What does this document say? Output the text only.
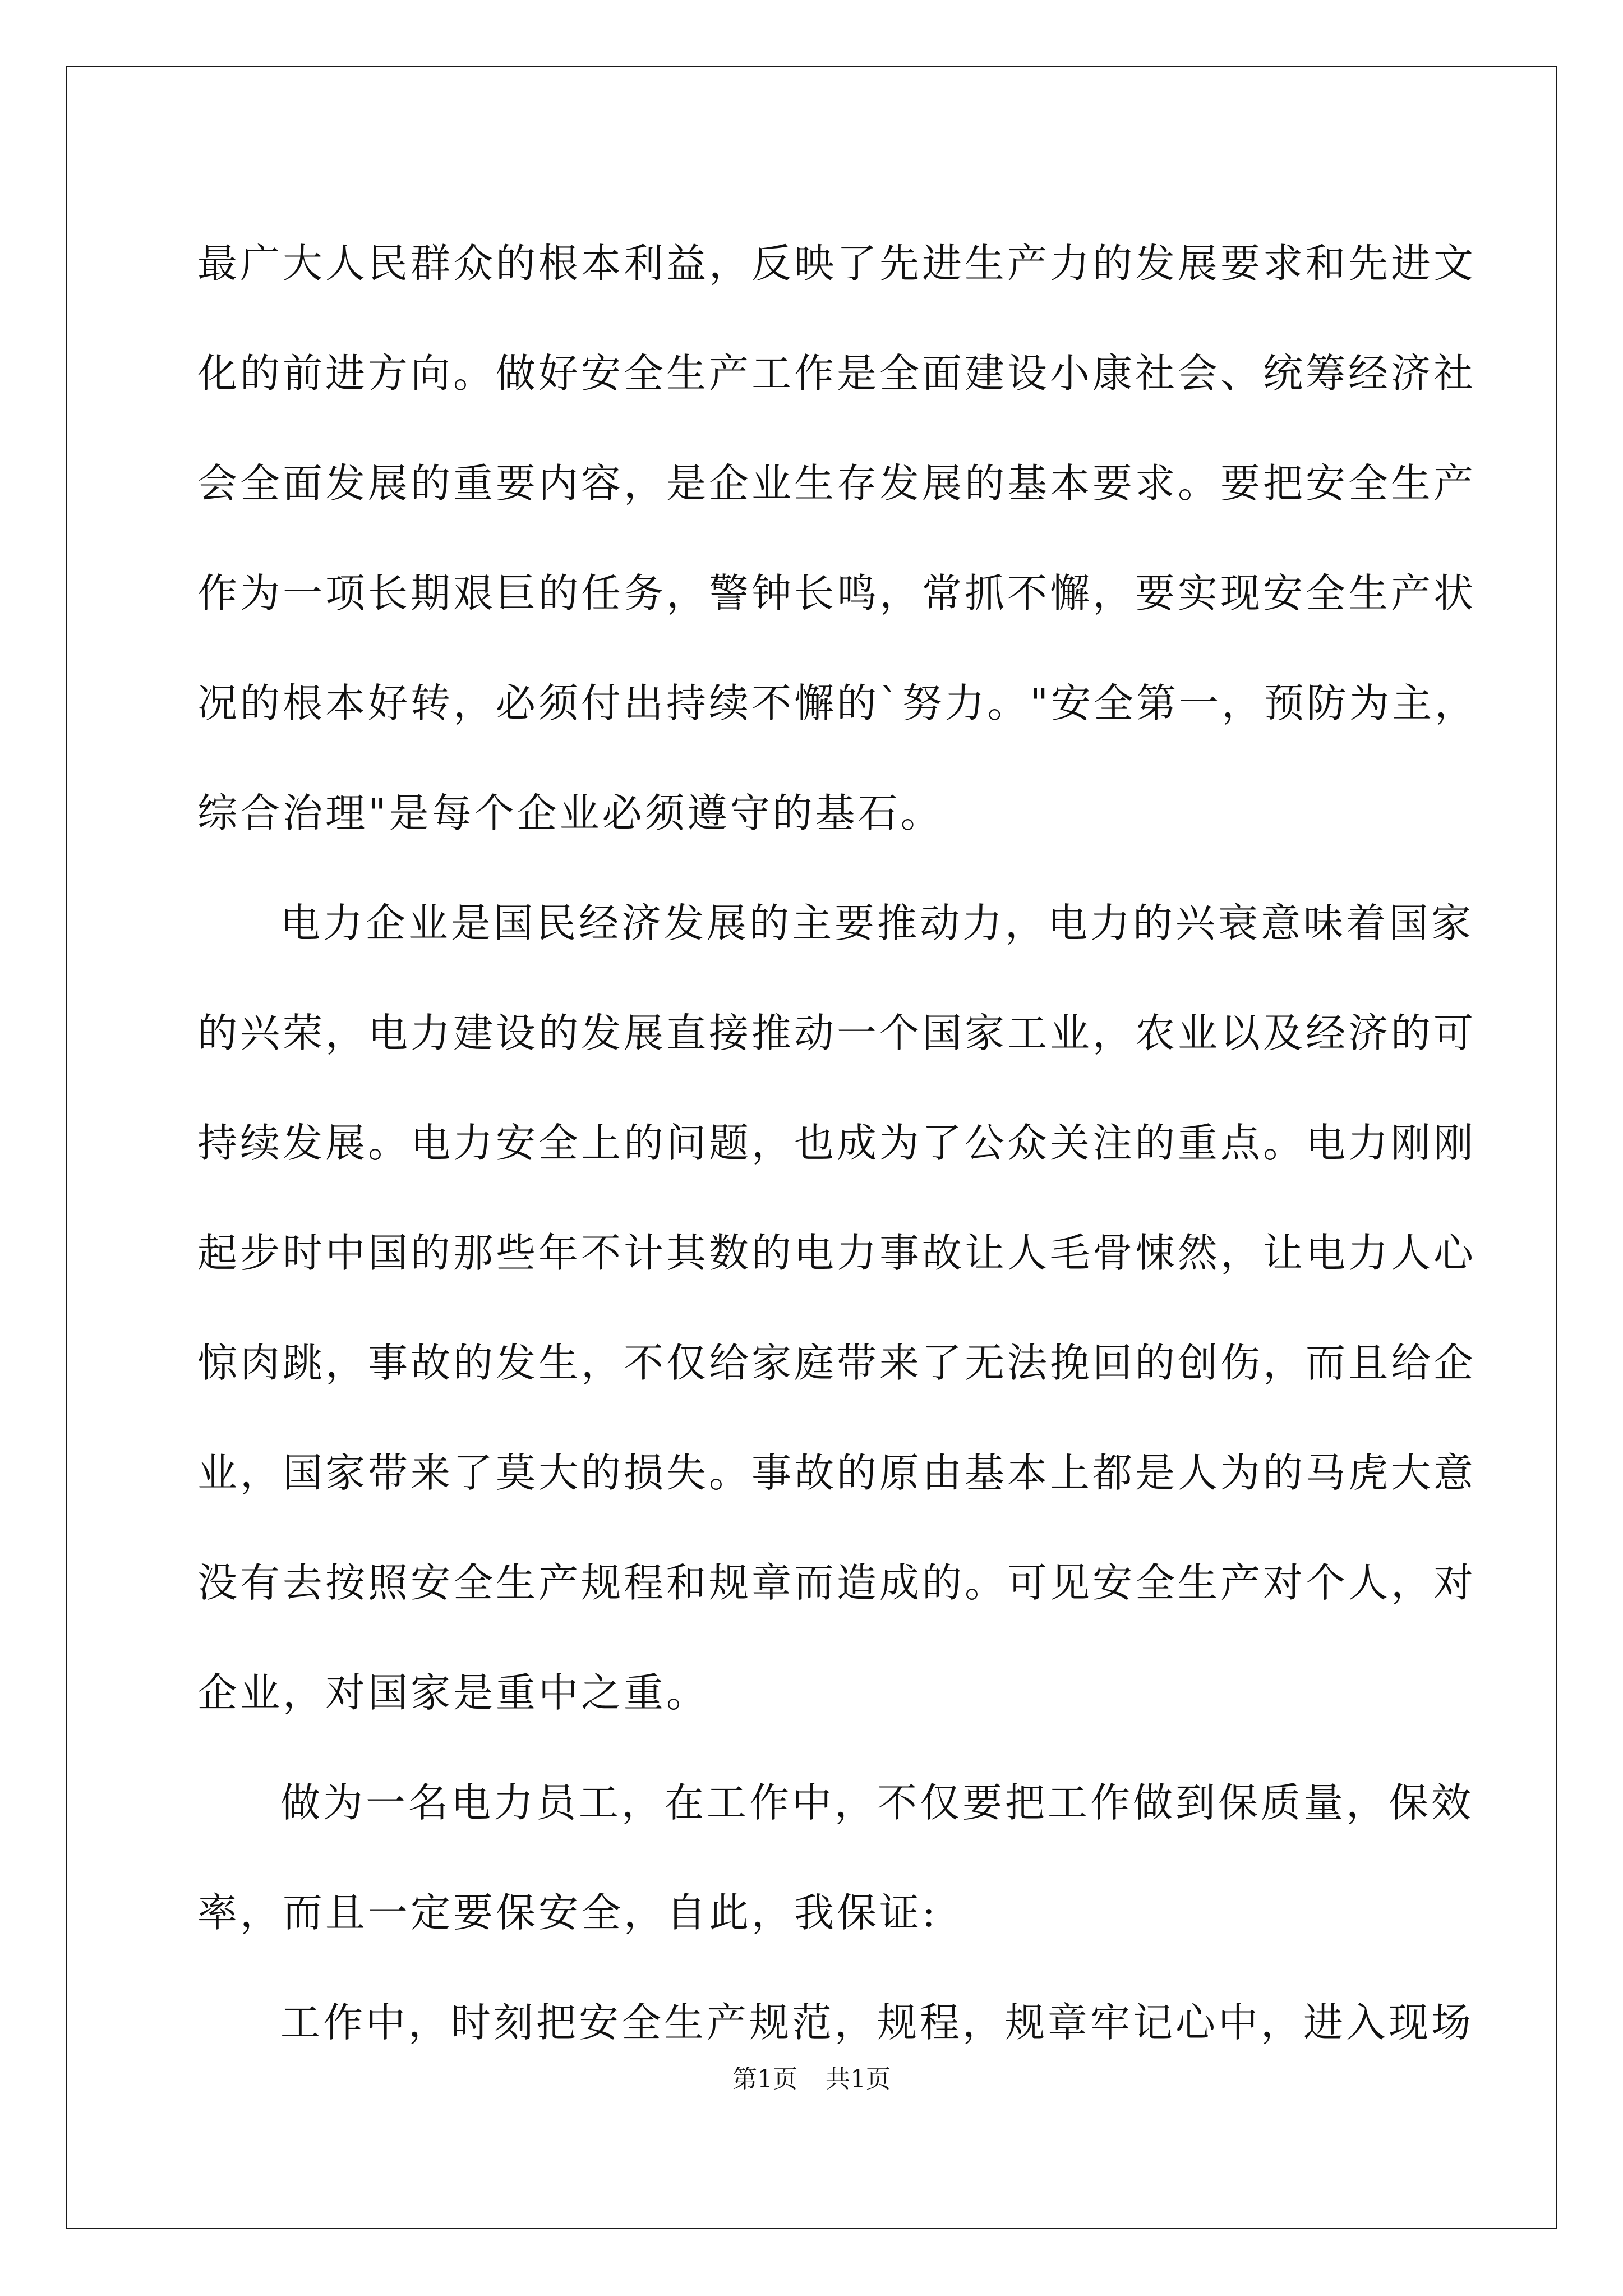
最广大人民群众的根本利益，反映了先进生产力的发展要求和先进文
化的前进方向。做好安全生产工作是全面建设小康社会、统筹经济社
会全面发展的重要内容，是企业生存发展的基本要求。要把安全生产
作为一项长期艰巨的任务，警钟长鸣，常抓不懈，要实现安全生产状
况的根本好转，必须付出持续不懈的`努力。"安全第一，预防为主，
综合治理"是每个企业必须遵守的基石。
电力企业是国民经济发展的主要推动力，电力的兴衰意味着国家
的兴荣，电力建设的发展直接推动一个国家工业，农业以及经济的可
持续发展。电力安全上的问题，也成为了公众关注的重点。电力刚刚
起步时中国的那些年不计其数的电力事故让人毛骨悚然，让电力人心
惊肉跳，事故的发生，不仅给家庭带来了无法挽回的创伤，而且给企
业，国家带来了莫大的损失。事故的原由基本上都是人为的马虎大意
没有去按照安全生产规程和规章而造成的。可见安全生产对个人，对
企业，对国家是重中之重。
做为一名电力员工，在工作中，不仅要把工作做到保质量，保效
率，而且一定要保安全，自此，我保证:
工作中，时刻把安全生产规范，规程，规章牢记心中，进入现场
第1页 共1页
